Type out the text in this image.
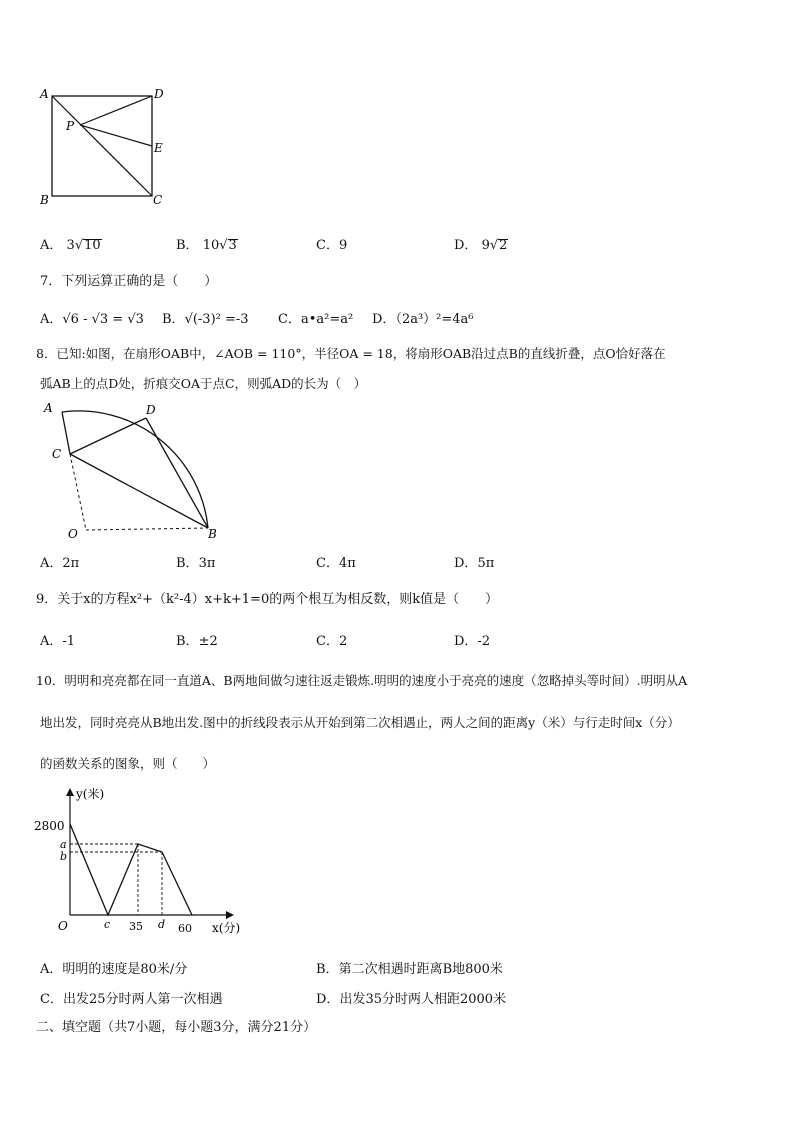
A	D
P
E
B	C
A． 3√10	B． 10√3	C．9	D． 9√2
7．下列运算正确的是（　　）
A．√6 - √3 = √3 B．√(-3)² =-3 C．a•a²=a² D．（2a³）²=4a⁶
8．已知:如图，在扇形OAB中，∠AOB = 110°，半径OA = 18，将扇形OAB沿过点B的直线折叠，点O恰好落在
弧AB上的点D处，折痕交OA于点C，则弧AD的长为（　）
A	D
C
O	B
A．2π	B．3π	C．4π	D．5π
9．关于x的方程x²+（k²-4）x+k+1=0的两个根互为相反数，则k值是（　　）
A．-1	B．±2	C．2	D．-2
10．明明和亮亮都在同一直道A、B两地间做匀速往返走锻炼.明明的速度小于亮亮的速度（忽略掉头等时间）.明明从A
地出发，同时亮亮从B地出发.图中的折线段表示从开始到第二次相遇止，两人之间的距离y（米）与行走时间x（分）
的函数关系的图象，则（　　）
y(米)
2800
a
b
O	c 35 d 60 x(分)
A．明明的速度是80米/分	B．第二次相遇时距离B地800米
C．出发25分时两人第一次相遇	D．出发35分时两人相距2000米
二、填空题（共7小题，每小题3分，满分21分）
